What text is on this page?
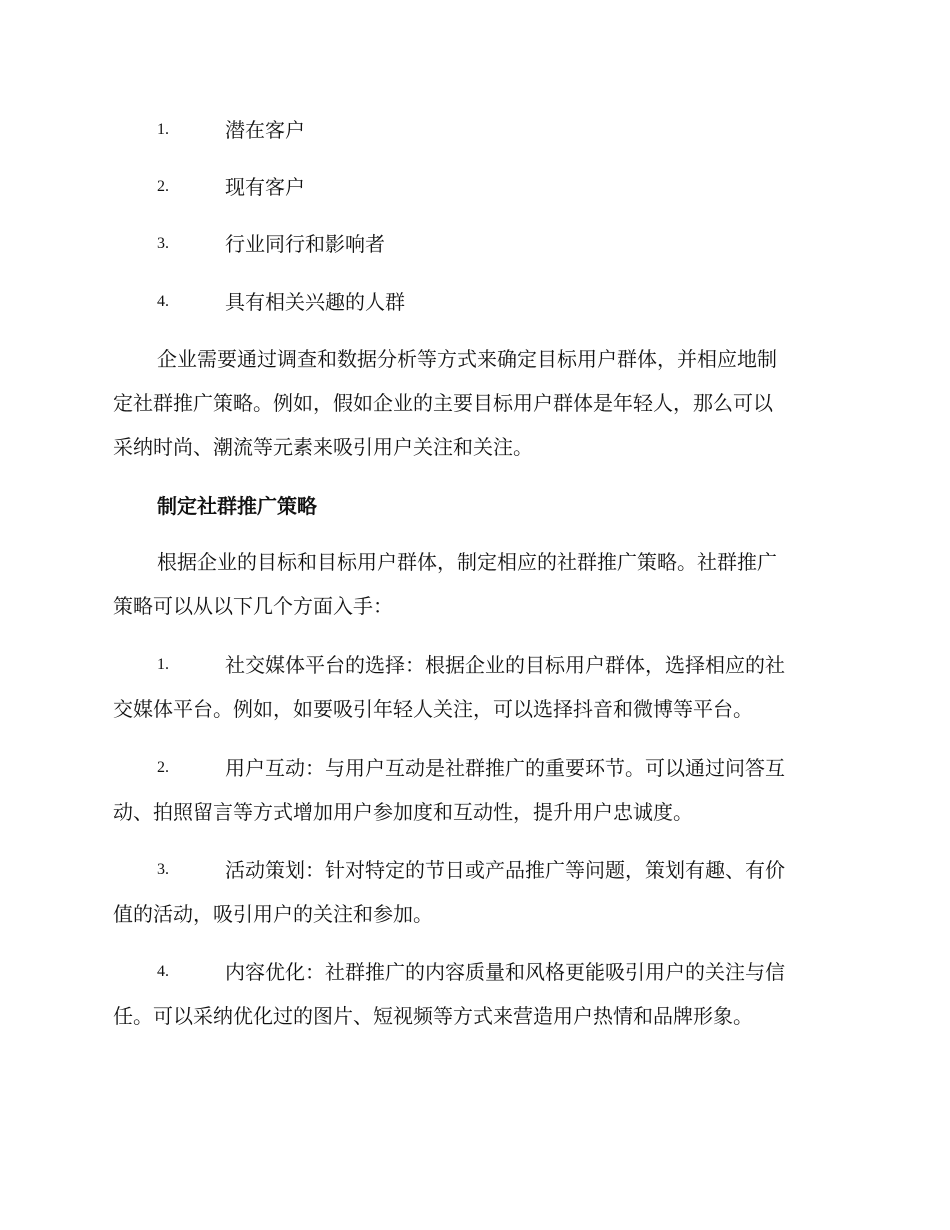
1.	潜在客户
2.	现有客户
3.	行业同行和影响者
4.	具有相关兴趣的人群
企业需要通过调查和数据分析等方式来确定目标用户群体，并相应地制
定社群推广策略。例如，假如企业的主要目标用户群体是年轻人，那么可以
采纳时尚、潮流等元素来吸引用户关注和关注。
制定社群推广策略
根据企业的目标和目标用户群体，制定相应的社群推广策略。社群推广
策略可以从以下几个方面入手：
1.	社交媒体平台的选择：根据企业的目标用户群体，选择相应的社
交媒体平台。例如，如要吸引年轻人关注，可以选择抖音和微博等平台。
2.	用户互动：与用户互动是社群推广的重要环节。可以通过问答互
动、拍照留言等方式增加用户参加度和互动性，提升用户忠诚度。
3.	活动策划：针对特定的节日或产品推广等问题，策划有趣、有价
值的活动，吸引用户的关注和参加。
4.	内容优化：社群推广的内容质量和风格更能吸引用户的关注与信
任。可以采纳优化过的图片、短视频等方式来营造用户热情和品牌形象。
